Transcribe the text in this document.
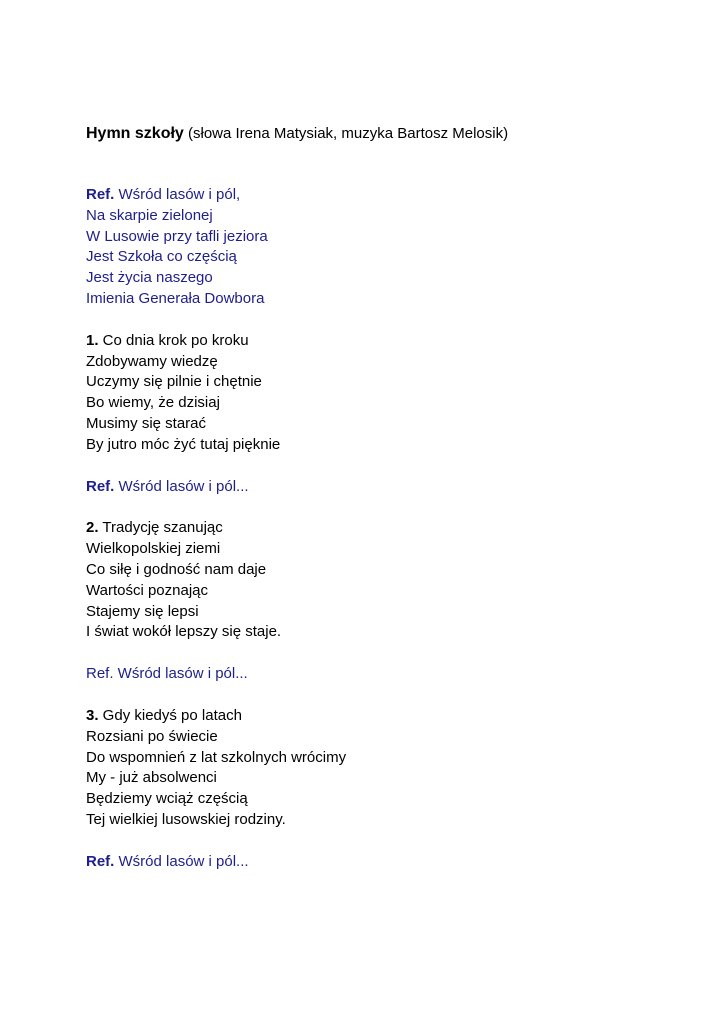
Hymn szkoły (słowa Irena Matysiak, muzyka Bartosz Melosik)
Ref. Wśród lasów i pól,
Na skarpie zielonej
W Lusowie przy tafli jeziora
Jest Szkoła co częścią
Jest życia naszego
Imienia Generała Dowbora
1. Co dnia krok po kroku
Zdobywamy wiedzę
Uczymy się pilnie i chętnie
Bo wiemy, że dzisiaj
Musimy się starać
By jutro móc żyć tutaj pięknie
Ref. Wśród lasów i pól...
2. Tradycję szanując
Wielkopolskiej ziemi
Co siłę i godność nam daje
Wartości poznając
Stajemy się lepsi
I świat wokół lepszy się staje.
Ref. Wśród lasów i pól...
3. Gdy kiedyś po latach
Rozsiani po świecie
Do wspomnień z lat szkolnych wrócimy
My - już absolwenci
Będziemy wciąż częścią
Tej wielkiej lusowskiej rodziny.
Ref. Wśród lasów i pól...
